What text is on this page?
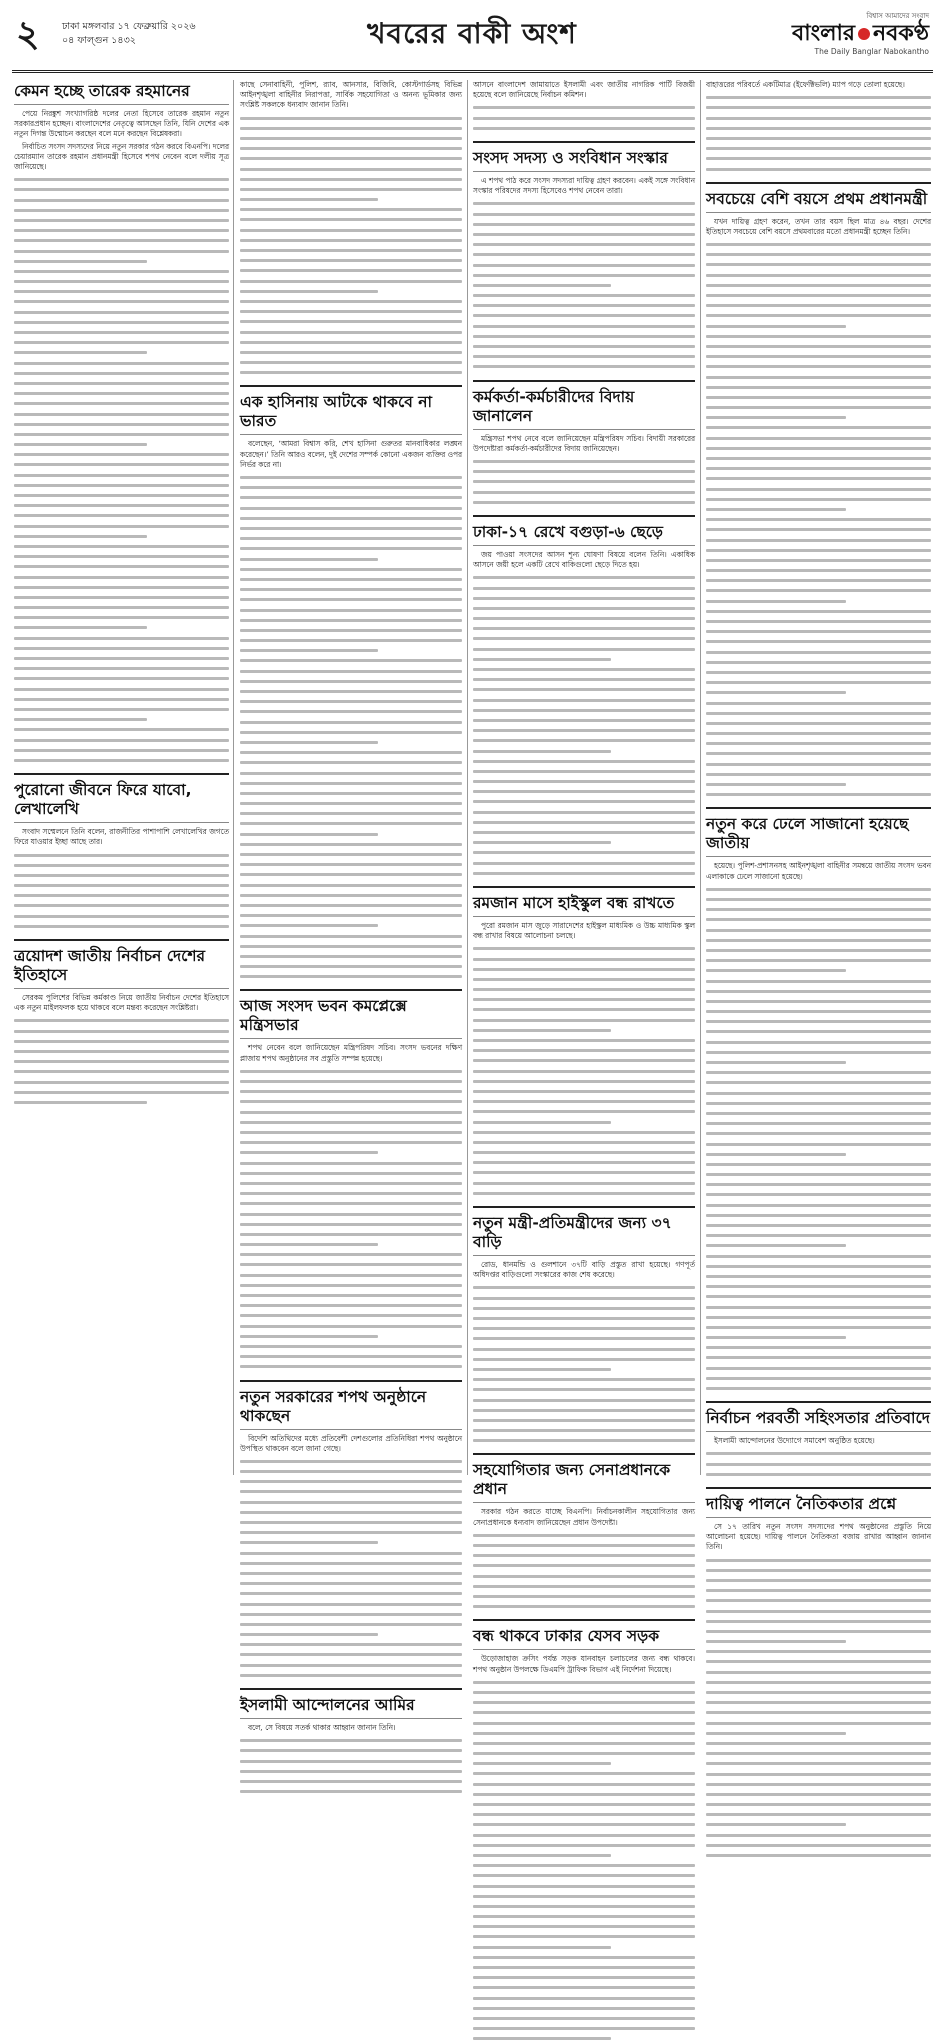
২ ঢাকা মঙ্গলবার ১৭ ফেব্রুয়ারি ২০২৬
০৪ ফাল্গুন ১৪৩২	খবরের বাকী অংশ
বিশ্বাস আমাদের সংবাদ
বাংলার নবকণ্ঠ
The Daily Banglar Nabokantho
কেমন হচ্ছে তারেক রহমানের

পেয়ে নিরঙ্কুশ সংখ্যাগরিষ্ঠ দলের নেতা হিসেবে তারেক রহমান নতুন সরকারপ্রধান হচ্ছেন। বাংলাদেশের নেতৃত্বে আসছেন তিনি, যিনি দেশের এক নতুন দিগন্ত উন্মোচন করছেন বলে মনে করছেন বিশ্লেষকরা।

নির্বাচিত সংসদ সদস্যদের নিয়ে নতুন সরকার গঠন করবে বিএনপি। দলের চেয়ারম্যান তারেক রহমান প্রধানমন্ত্রী হিসেবে শপথ নেবেন বলে দলীয় সূত্র জানিয়েছে।

পুরোনো জীবনে ফিরে যাবো, লেখালেখি

সংবাদ সম্মেলনে তিনি বলেন, রাজনীতির পাশাপাশি লেখালেখির জগতে ফিরে যাওয়ার ইচ্ছা আছে তার।

ত্রয়োদশ জাতীয় নির্বাচন দেশের ইতিহাসে

সেরকম পুলিশের বিভিন্ন কর্মকাণ্ড নিয়ে জাতীয় নির্বাচন দেশের ইতিহাসে এক নতুন মাইলফলক হয়ে থাকবে বলে মন্তব্য করেছেন সংশ্লিষ্টরা।

কাছে সেনাবাহিনী, পুলিশ, র‌্যাব, আনসার, বিজিবি, কোস্টগার্ডসহ বিভিন্ন আইনশৃঙ্খলা বাহিনীর নিরাপত্তা, সার্বিক সহযোগিতা ও অনন্য ভূমিকার জন্য সংশ্লিষ্ট সকলকে ধন্যবাদ জানান তিনি।

এক হাসিনায় আটকে থাকবে না ভারত

বলেছেন, ‘আমরা বিশ্বাস করি, শেখ হাসিনা গুরুতর মানবাধিকার লঙ্ঘন করেছেন।’ তিনি আরও বলেন, দুই দেশের সম্পর্ক কোনো একজন ব্যক্তির ওপর নির্ভর করে না।

আজ সংসদ ভবন কমপ্লেক্সে মন্ত্রিসভার

শপথ নেবেন বলে জানিয়েছেন মন্ত্রিপরিষদ সচিব। সংসদ ভবনের দক্ষিণ প্লাজায় শপথ অনুষ্ঠানের সব প্রস্তুতি সম্পন্ন হয়েছে।

নতুন সরকারের শপথ অনুষ্ঠানে থাকছেন

বিদেশি অতিথিদের মধ্যে প্রতিবেশী দেশগুলোর প্রতিনিধিরা শপথ অনুষ্ঠানে উপস্থিত থাকবেন বলে জানা গেছে।

ইসলামী আন্দোলনের আমির

বলে, সে বিষয়ে সতর্ক থাকার আহ্বান জানান তিনি।

আসনে বাংলাদেশ জামায়াতে ইসলামী এবং জাতীয় নাগরিক পার্টি বিজয়ী হয়েছে বলে জানিয়েছে নির্বাচন কমিশন।

সংসদ সদস্য ও সংবিধান সংস্কার

এ শপথ পাঠ করে সংসদ সদস্যরা দায়িত্ব গ্রহণ করবেন। একই সঙ্গে সংবিধান সংস্কার পরিষদের সদস্য হিসেবেও শপথ নেবেন তারা।

কর্মকর্তা-কর্মচারীদের বিদায় জানালেন

মন্ত্রিসভা শপথ নেবে বলে জানিয়েছেন মন্ত্রিপরিষদ সচিব। বিদায়ী সরকারের উপদেষ্টারা কর্মকর্তা-কর্মচারীদের বিদায় জানিয়েছেন।

ঢাকা-১৭ রেখে বগুড়া-৬ ছেড়ে

জয় পাওয়া সংসদের আসন শূন্য ঘোষণা বিষয়ে বলেন তিনি। একাধিক আসনে জয়ী হলে একটি রেখে বাকিগুলো ছেড়ে দিতে হয়।

রমজান মাসে হাইস্কুল বন্ধ রাখতে

পুরো রমজান মাস জুড়ে সারাদেশের হাইস্কুল মাধ্যমিক ও উচ্চ মাধ্যমিক স্কুল বন্ধ রাখার বিষয়ে আলোচনা চলছে।

নতুন মন্ত্রী-প্রতিমন্ত্রীদের জন্য ৩৭ বাড়ি

রোড, ধানমন্ডি ও গুলশানে ৩৭টি বাড়ি প্রস্তুত রাখা হয়েছে। গণপূর্ত অধিদপ্তর বাড়িগুলো সংস্কারের কাজ শেষ করেছে।

সহযোগিতার জন্য সেনাপ্রধানকে প্রধান

সরকার গঠন করতে যাচ্ছে বিএনপি। নির্বাচনকালীন সহযোগিতার জন্য সেনাপ্রধানকে ধন্যবাদ জানিয়েছেন প্রধান উপদেষ্টা।

বন্ধ থাকবে ঢাকার যেসব সড়ক

উড়োজাহাজ ক্রসিং পর্যন্ত সড়ক যানবাহন চলাচলের জন্য বন্ধ থাকবে। শপথ অনুষ্ঠান উপলক্ষে ডিএমপি ট্রাফিক বিভাগ এই নির্দেশনা দিয়েছে।

বাহাত্তরের পরিবর্তে একটিমাত্র (ইফেক্টিভলি) ম্যাপ গড়ে তোলা হয়েছে।

সবচেয়ে বেশি বয়সে প্রথম প্রধানমন্ত্রী

যখন দায়িত্ব গ্রহণ করেন, তখন তার বয়স ছিল মাত্র ৪৬ বছর। দেশের ইতিহাসে সবচেয়ে বেশি বয়সে প্রথমবারের মতো প্রধানমন্ত্রী হচ্ছেন তিনি।

নতুন করে ঢেলে সাজানো হয়েছে জাতীয়

হয়েছে। পুলিশ-প্রশাসনসহ আইনশৃঙ্খলা বাহিনীর সমন্বয়ে জাতীয় সংসদ ভবন এলাকাকে ঢেলে সাজানো হয়েছে।

নির্বাচন পরবর্তী সহিংসতার প্রতিবাদে

ইসলামী আন্দোলনের উদ্যোগে সমাবেশ অনুষ্ঠিত হয়েছে।

দায়িত্ব পালনে নৈতিকতার প্রশ্নে

সে ১৭ তারিখ নতুন সংসদ সদস্যদের শপথ অনুষ্ঠানের প্রস্তুতি নিয়ে আলোচনা হয়েছে। দায়িত্ব পালনে নৈতিকতা বজায় রাখার আহ্বান জানান তিনি।
